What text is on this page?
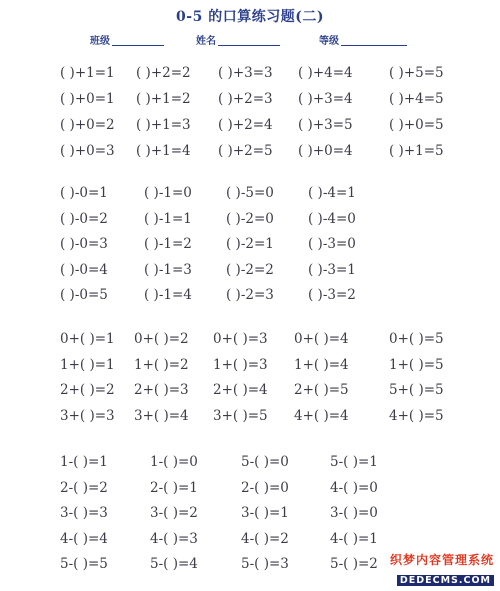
0-5 的口算练习题(二)
班级	姓名	等级
( )+1=1 ( )+2=2 ( )+3=3 ( )+4=4	( )+5=5
( )+0=1 ( )+1=2 ( )+2=3 ( )+3=4	( )+4=5
( )+0=2 ( )+1=3 ( )+2=4 ( )+3=5	( )+0=5
( )+0=3 ( )+1=4 ( )+2=5 ( )+0=4	( )+1=5
( )-0=1	( )-1=0	( )-5=0	( )-4=1
( )-0=2	( )-1=1	( )-2=0	( )-4=0
( )-0=3	( )-1=2	( )-2=1	( )-3=0
( )-0=4	( )-1=3	( )-2=2	( )-3=1
( )-0=5	( )-1=4	( )-2=3	( )-3=2
0+( )=1 0+( )=2 0+( )=3 0+( )=4	0+( )=5
1+( )=1 1+( )=2 1+( )=3 1+( )=4	1+( )=5
2+( )=2 2+( )=3 2+( )=4 2+( )=5	5+( )=5
3+( )=3 3+( )=4 3+( )=5 4+( )=4	4+( )=5
1-( )=1	1-( )=0	5-( )=0	5-( )=1
2-( )=2	2-( )=1	2-( )=0	4-( )=0
3-( )=3	3-( )=2	3-( )=1	3-( )=0
4-( )=4	4-( )=3	4-( )=2	4-( )=1
5-( )=5	5-( )=4	5-( )=3	5-( )=2 织梦内容管理系统
DEDECMS.COM
